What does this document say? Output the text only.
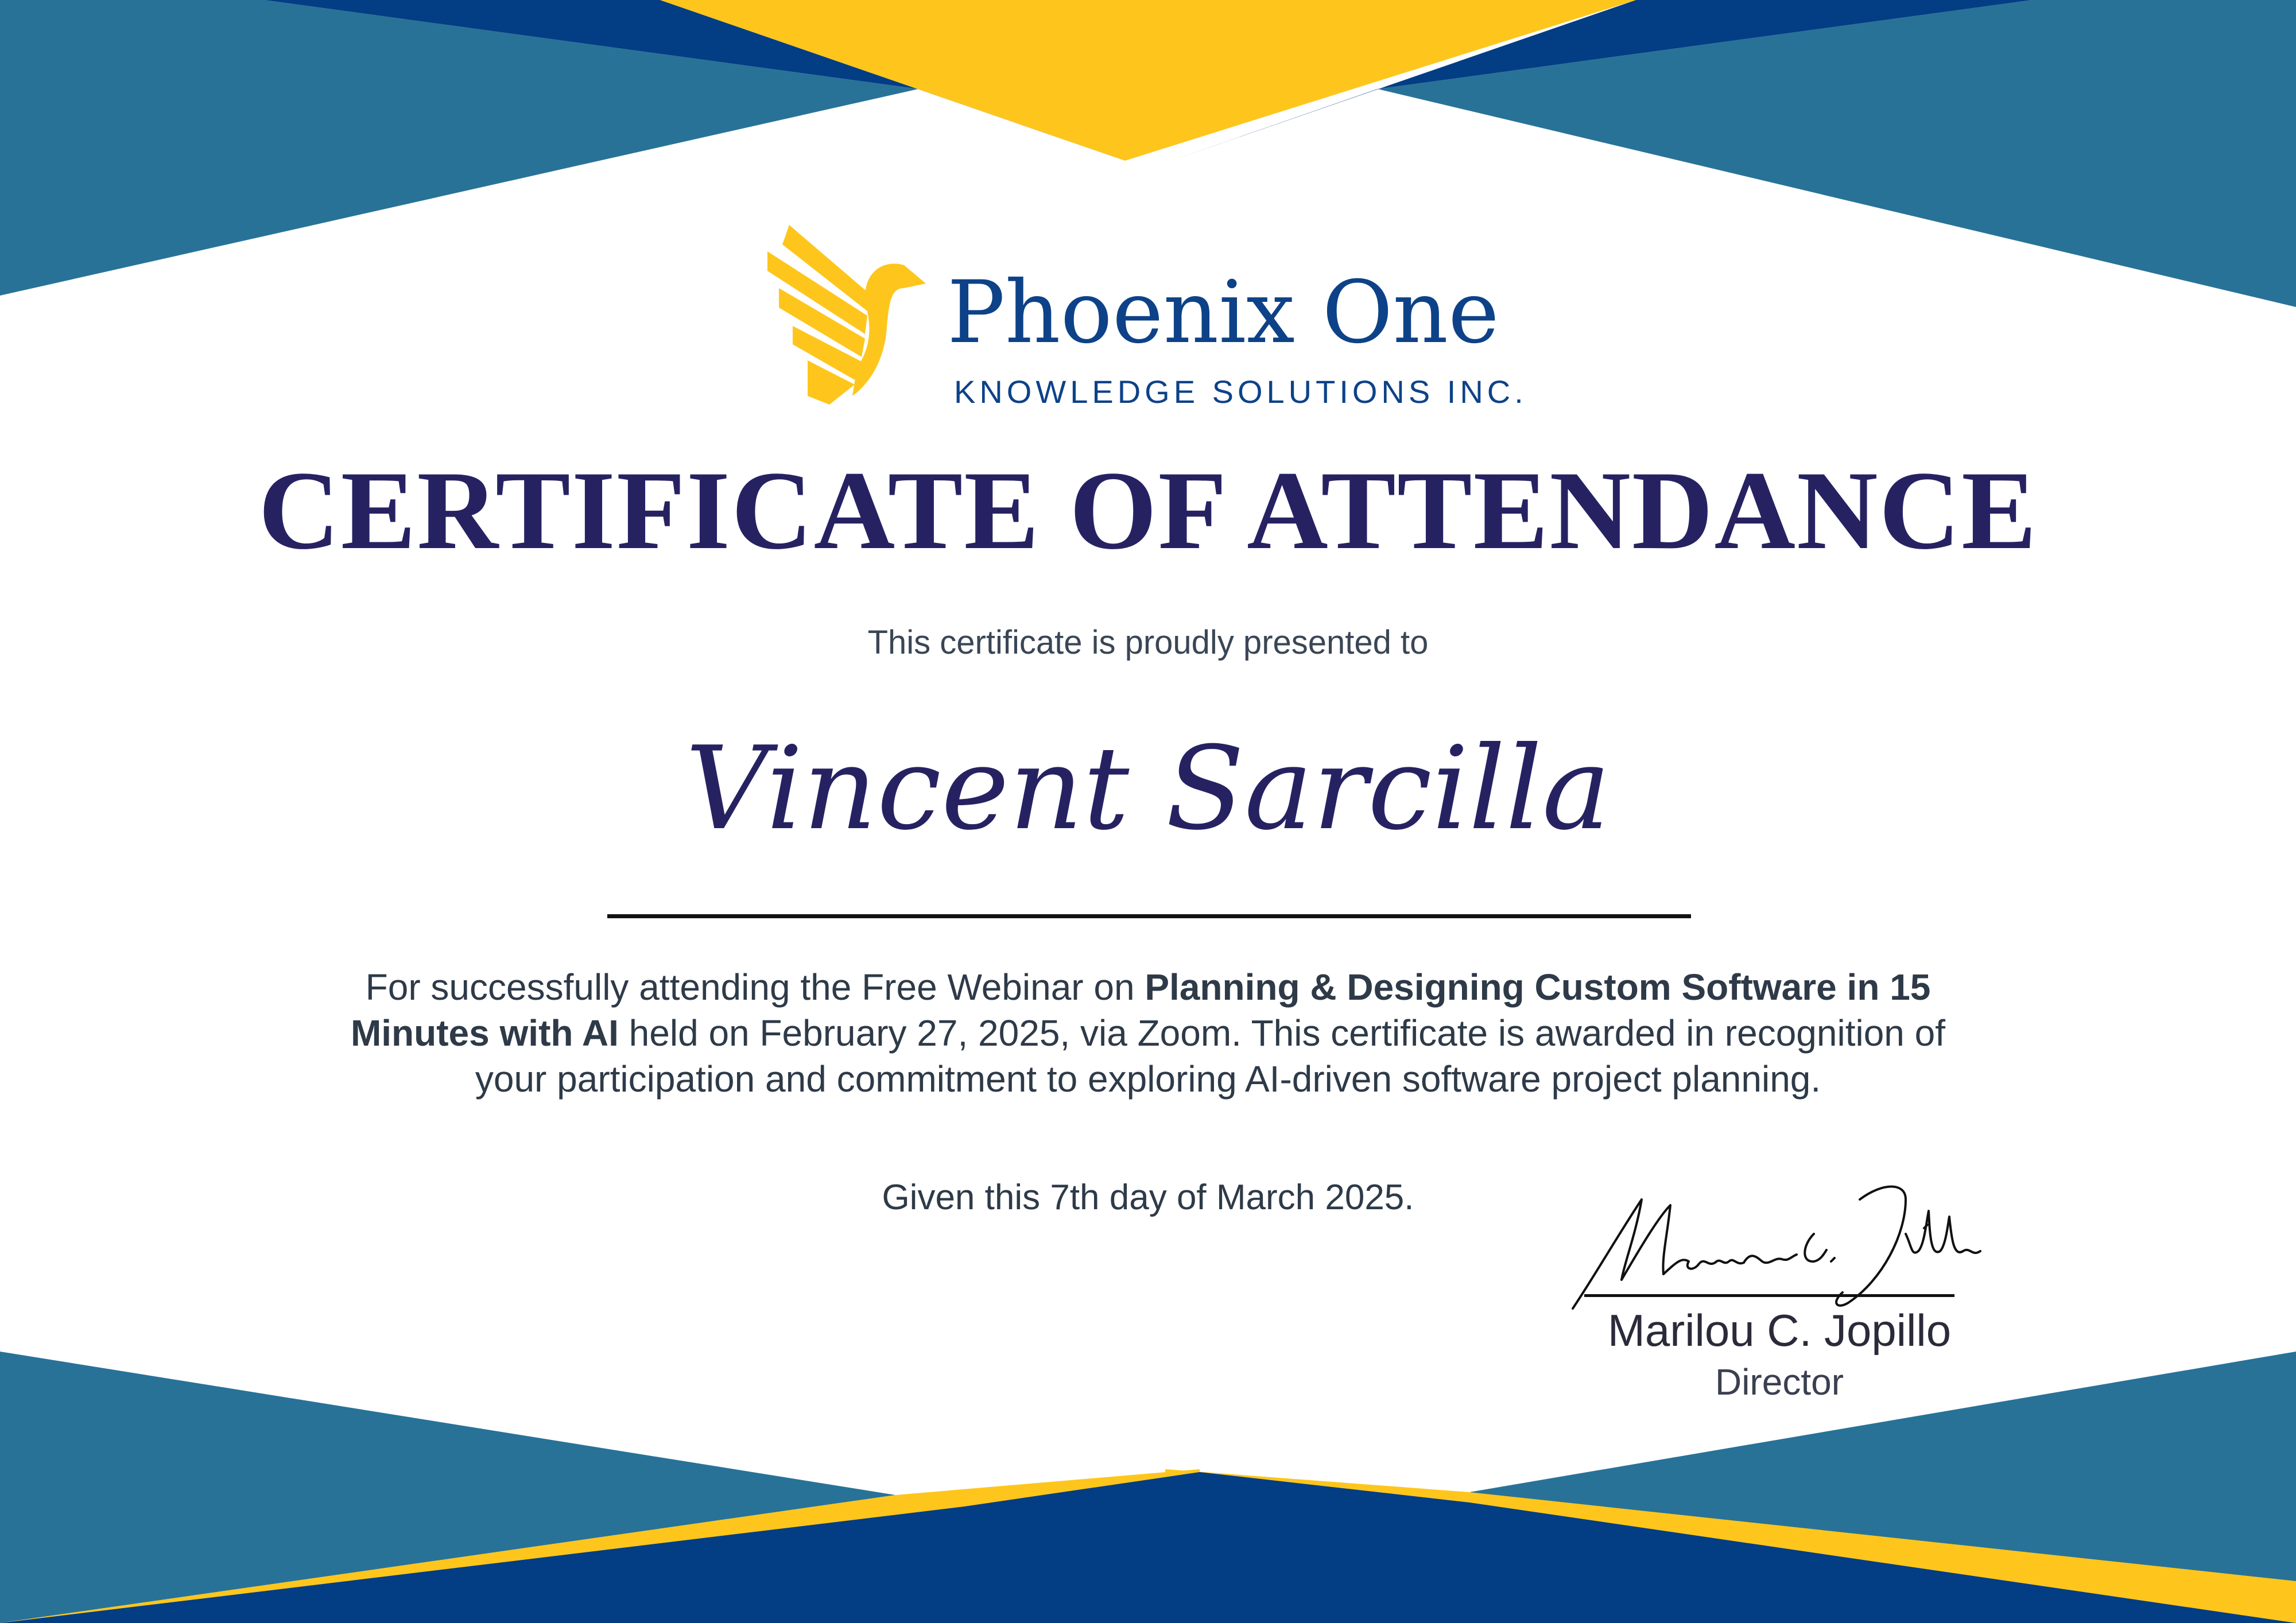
Phoenix One
KNOWLEDGE SOLUTIONS INC.
CERTIFICATE OF ATTENDANCE
This certificate is proudly presented to
Vincent Sarcilla
For successfully attending the Free Webinar on Planning & Designing Custom Software in 15 Minutes with AI held on February 27, 2025, via Zoom. This certificate is awarded in recognition of your participation and commitment to exploring AI-driven software project planning.
Given this 7th day of March 2025.
Marilou C. Jopillo
Director
